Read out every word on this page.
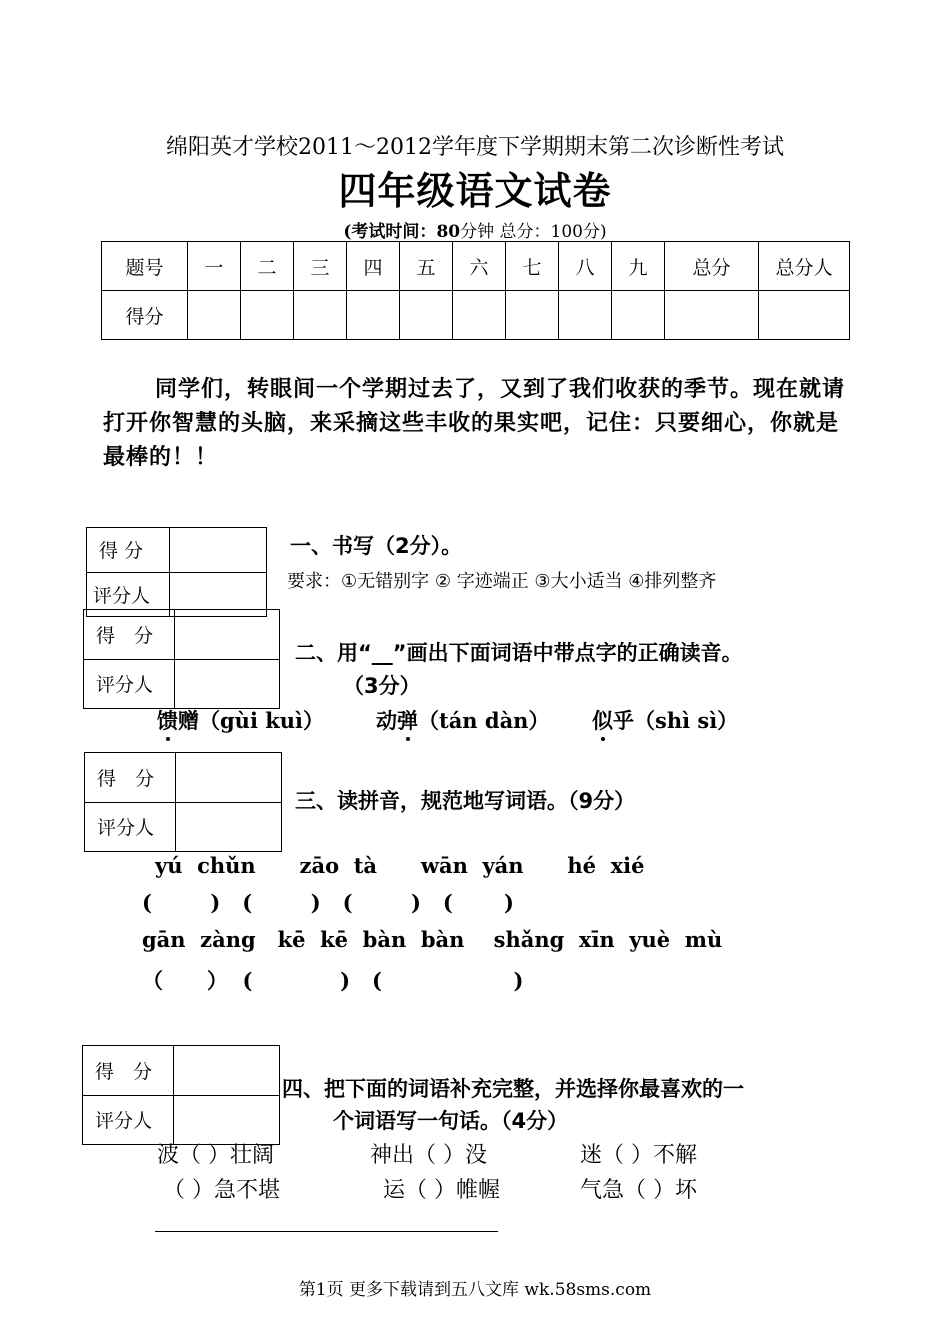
绵阳英才学校2011～2012学年度下学期期末第二次诊断性考试
四年级语文试卷
(考试时间：80分钟 总分：100分)
题号	一	二	三	四	五	六	七	八	九	总分	总分人
得分											
同学们，转眼间一个学期过去了，又到了我们收获的季节。现在就请打开你智慧的头脑，来采摘这些丰收的果实吧，记住：只要细心，你就是最棒的！！
得 分	
评分人	
一、书写（2分）。
要求：①无错别字 ② 字迹端正 ③大小适当 ④排列整齐
得　分	
评分人	
二、用“__”画出下面词语中带点字的正确读音。
（3分）
馈赠（gùi kuì） 动弹（tán dàn） 似乎（shì sì）
得　分	
评分人	
三、读拼音，规范地写词语。（9分）
yú  chǔn      zāo  tà      wān  yán      hé  xié
(        )   (        )   (        )   (       )
gān  zàng   kē  kē  bàn  bàn    shǎng  xīn  yuè  mù
（      ）  (            )   (                  )
得　分	
评分人	
四、把下面的词语补充完整，并选择你最喜欢的一
个词语写一句话。（4分）
波（ ）壮阔	神出（ ）没	迷（ ）不解
（ ）急不堪	运（ ）帷幄	气急（ ）坏
第1页 更多下载请到五八文库 wk.58sms.com
